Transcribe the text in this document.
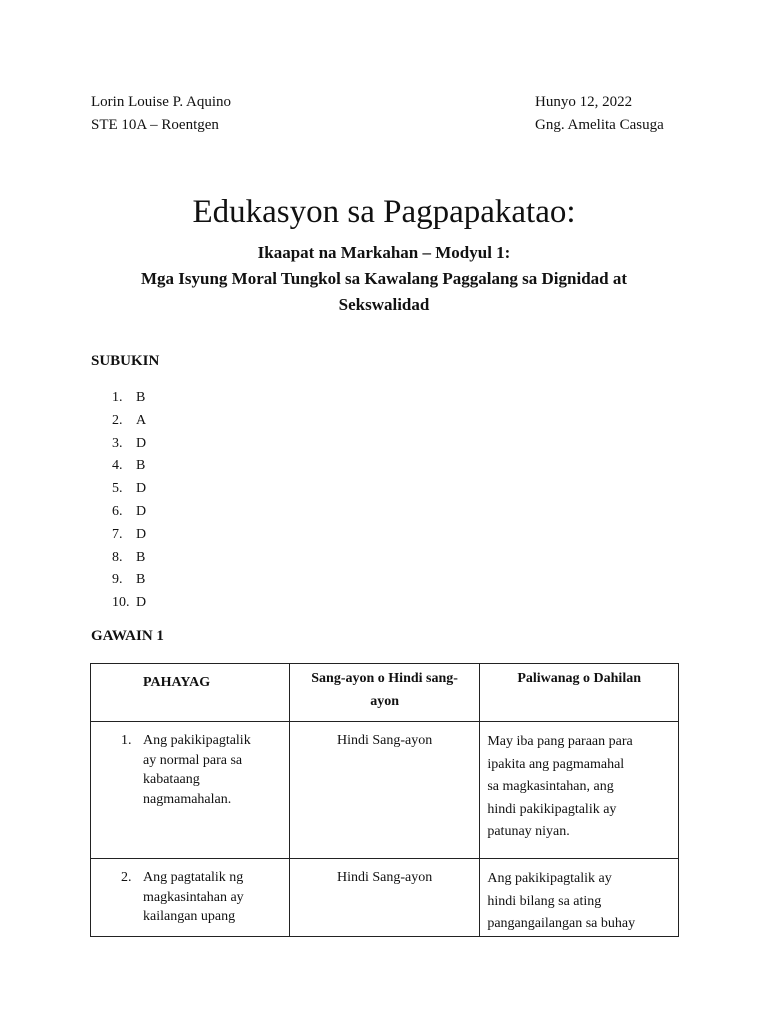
Lorin Louise P. Aquino
STE 10A – Roentgen
Hunyo 12, 2022
Gng. Amelita Casuga
Edukasyon sa Pagpapakatao:
Ikaapat na Markahan – Modyul 1:
Mga Isyung Moral Tungkol sa Kawalang Paggalang sa Dignidad at
Sekswalidad
SUBUKIN
1. B
2. A
3. D
4. B
5. D
6. D
7. D
8. B
9. B
10. D
GAWAIN 1
PAHAYAG	Sang-ayon o Hindi sang-
ayon	Paliwanag o Dahilan

1. Ang pakikipagtalik
ay normal para sa
kabataang
nagmamahalan.	Hindi Sang-ayon	May iba pang paraan para
ipakita ang pagmamahal
sa magkasintahan, ang
hindi pakikipagtalik ay
patunay niyan.
2. Ang pagtatalik ng
magkasintahan ay
kailangan upang	Hindi Sang-ayon	Ang pakikipagtalik ay
hindi bilang sa ating
pangangailangan sa buhay
